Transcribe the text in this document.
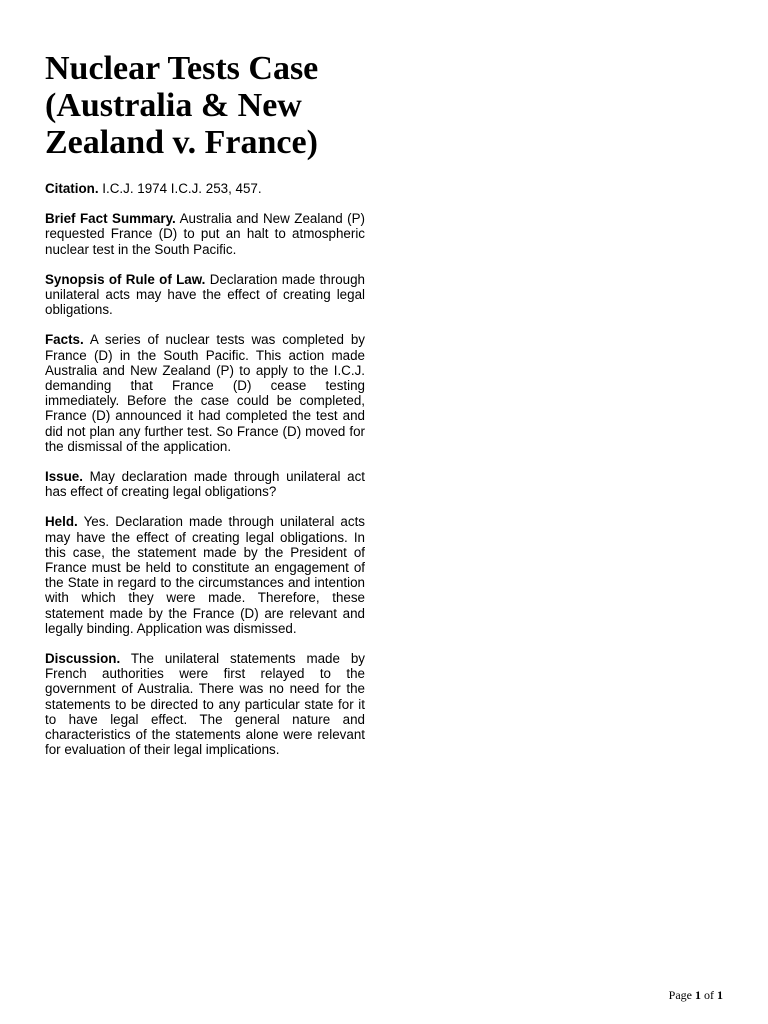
Nuclear Tests Case (Australia & New Zealand v. France)

Citation. I.C.J. 1974 I.C.J. 253, 457.

Brief Fact Summary. Australia and New Zealand (P) requested France (D) to put an halt to atmospheric nuclear test in the South Pacific.

Synopsis of Rule of Law. Declaration made through unilateral acts may have the effect of creating legal obligations.

Facts. A series of nuclear tests was completed by France (D) in the South Pacific. This action made Australia and New Zealand (P) to apply to the I.C.J. demanding that France (D) cease testing immediately. Before the case could be completed, France (D) announced it had completed the test and did not plan any further test. So France (D) moved for the dismissal of the application.

Issue. May declaration made through unilateral act has effect of creating legal obligations?

Held. Yes. Declaration made through unilateral acts may have the effect of creating legal obligations. In this case, the statement made by the President of France must be held to constitute an engagement of the State in regard to the circumstances and intention with which they were made. Therefore, these statement made by the France (D) are relevant and legally binding. Application was dismissed.

Discussion. The unilateral statements made by French authorities were first relayed to the government of Australia. There was no need for the statements to be directed to any particular state for it to have legal effect. The general nature and characteristics of the statements alone were relevant for evaluation of their legal implications.

Page 1 of 1
